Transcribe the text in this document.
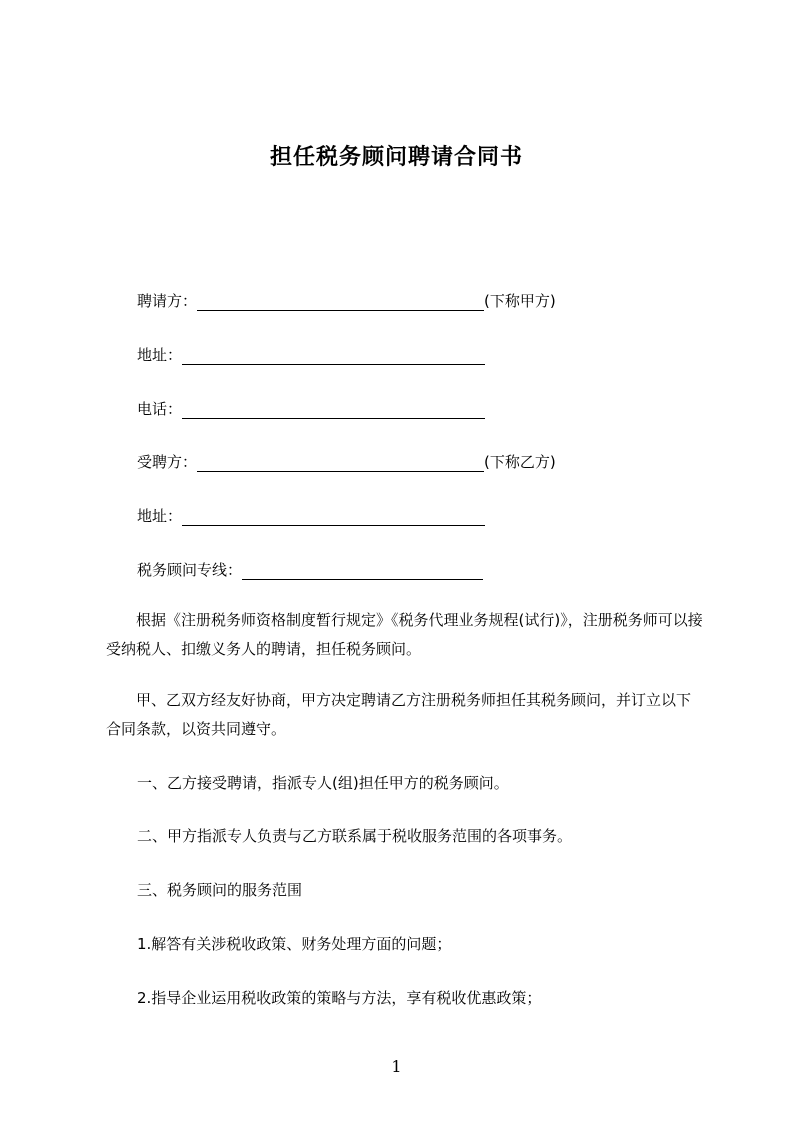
担任税务顾问聘请合同书
聘请方：	(下称甲方)
地址：
电话：
受聘方：	(下称乙方)
地址：
税务顾问专线：

根据《注册税务师资格制度暂行规定》《税务代理业务规程(试行)》，注册税务师可以接受纳税人、扣缴义务人的聘请，担任税务顾问。

甲、乙双方经友好协商，甲方决定聘请乙方注册税务师担任其税务顾问，并订立以下合同条款，以资共同遵守。

一、乙方接受聘请，指派专人(组)担任甲方的税务顾问。
二、甲方指派专人负责与乙方联系属于税收服务范围的各项事务。
三、税务顾问的服务范围
1.解答有关涉税收政策、财务处理方面的问题；
2.指导企业运用税收政策的策略与方法，享有税收优惠政策；
1
